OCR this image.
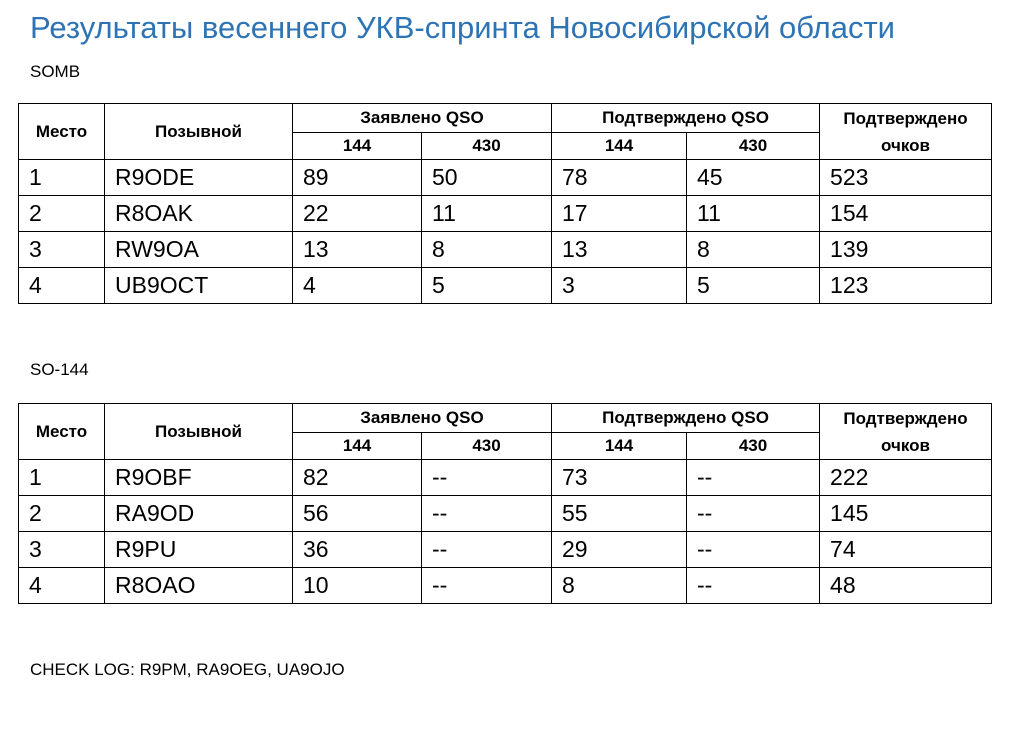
Результаты весеннего УКВ-спринта Новосибирской области
SOMB
Место	Позывной	Заявлено QSO		Подтверждено QSO		Подтверждено очков
		144	430	144	430	
1	R9ODE	89	50	78	45	523
2	R8OAK	22	11	17	11	154
3	RW9OA	13	8	13	8	139
4	UB9OCT	4	5	3	5	123
SO-144
Место	Позывной	Заявлено QSO		Подтверждено QSO		Подтверждено очков
		144	430	144	430	
1	R9OBF	82	--	73	--	222
2	RA9OD	56	--	55	--	145
3	R9PU	36	--	29	--	74
4	R8OAO	10	--	8	--	48
CHECK LOG: R9PM, RA9OEG, UA9OJO
